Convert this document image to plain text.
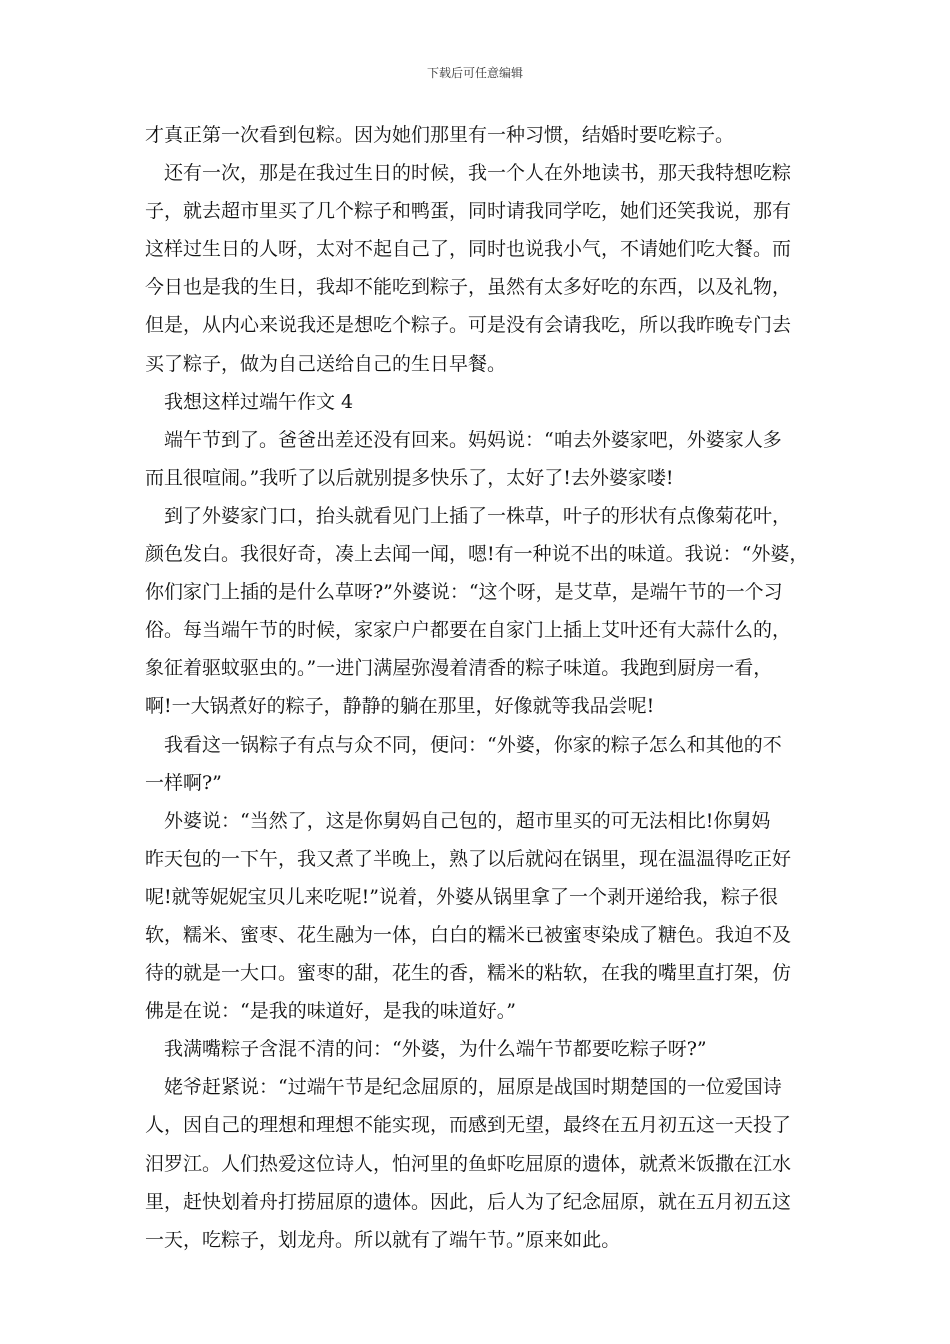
下载后可任意编辑

才真正第一次看到包粽。因为她们那里有一种习惯，结婚时要吃粽子。

　还有一次，那是在我过生日的时候，我一个人在外地读书，那天我特想吃粽

子，就去超市里买了几个粽子和鸭蛋，同时请我同学吃，她们还笑我说，那有

这样过生日的人呀，太对不起自己了，同时也说我小气，不请她们吃大餐。而

今日也是我的生日，我却不能吃到粽子，虽然有太多好吃的东西，以及礼物，

但是，从内心来说我还是想吃个粽子。可是没有会请我吃，所以我昨晚专门去

买了粽子，做为自己送给自己的生日早餐。

　我想这样过端午作文 4

　端午节到了。爸爸出差还没有回来。妈妈说：“咱去外婆家吧，外婆家人多

而且很喧闹。”我听了以后就别提多快乐了，太好了!去外婆家喽!

　到了外婆家门口，抬头就看见门上插了一株草，叶子的形状有点像菊花叶，

颜色发白。我很好奇，凑上去闻一闻，嗯!有一种说不出的味道。我说：“外婆，

你们家门上插的是什么草呀?”外婆说：“这个呀，是艾草，是端午节的一个习

俗。每当端午节的时候，家家户户都要在自家门上插上艾叶还有大蒜什么的，

象征着驱蚊驱虫的。”一进门满屋弥漫着清香的粽子味道。我跑到厨房一看，

啊!一大锅煮好的粽子，静静的躺在那里，好像就等我品尝呢!

　我看这一锅粽子有点与众不同，便问：“外婆，你家的粽子怎么和其他的不

一样啊?”

　外婆说：“当然了，这是你舅妈自己包的，超市里买的可无法相比!你舅妈

昨天包的一下午，我又煮了半晚上，熟了以后就闷在锅里，现在温温得吃正好

呢!就等妮妮宝贝儿来吃呢!”说着，外婆从锅里拿了一个剥开递给我，粽子很

软，糯米、蜜枣、花生融为一体，白白的糯米已被蜜枣染成了糖色。我迫不及

待的就是一大口。蜜枣的甜，花生的香，糯米的粘软，在我的嘴里直打架，仿

佛是在说：“是我的味道好，是我的味道好。”

　我满嘴粽子含混不清的问：“外婆，为什么端午节都要吃粽子呀?”

　姥爷赶紧说：“过端午节是纪念屈原的，屈原是战国时期楚国的一位爱国诗

人，因自己的理想和理想不能实现，而感到无望，最终在五月初五这一天投了

汨罗江。人们热爱这位诗人，怕河里的鱼虾吃屈原的遗体，就煮米饭撒在江水

里，赶快划着舟打捞屈原的遗体。因此，后人为了纪念屈原，就在五月初五这

一天，吃粽子，划龙舟。所以就有了端午节。”原来如此。
